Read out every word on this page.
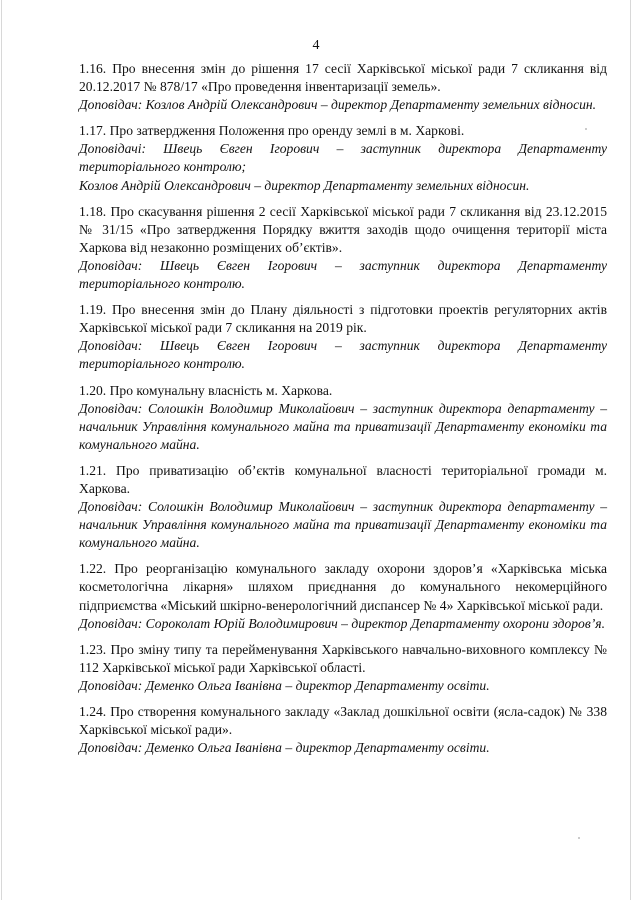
4
1.16. Про внесення змін до рішення 17 сесії Харківської міської ради 7 скликання від 20.12.2017 № 878/17 «Про проведення інвентаризації земель».
Доповідач: Козлов Андрій Олександрович – директор Департаменту земельних відносин.
1.17. Про затвердження Положення про оренду землі в м. Харкові.
Доповідачі: Швець Євген Ігорович – заступник директора Департаменту територіального контролю;
Козлов Андрій Олександрович – директор Департаменту земельних відносин.
1.18. Про скасування рішення 2 сесії Харківської міської ради 7 скликання від 23.12.2015 № 31/15 «Про затвердження Порядку вжиття заходів щодо очищення території міста Харкова від незаконно розміщених об’єктів».
Доповідач: Швець Євген Ігорович – заступник директора Департаменту територіального контролю.
1.19. Про внесення змін до Плану діяльності з підготовки проектів регуляторних актів Харківської міської ради 7 скликання на 2019 рік.
Доповідач: Швець Євген Ігорович – заступник директора Департаменту територіального контролю.
1.20. Про комунальну власність м. Харкова.
Доповідач: Солошкін Володимир Миколайович – заступник директора департаменту – начальник Управління комунального майна та приватизації Департаменту економіки та комунального майна.
1.21. Про приватизацію об’єктів комунальної власності територіальної громади м. Харкова.
Доповідач: Солошкін Володимир Миколайович – заступник директора департаменту – начальник Управління комунального майна та приватизації Департаменту економіки та комунального майна.
1.22. Про реорганізацію комунального закладу охорони здоров’я «Харківська міська косметологічна лікарня» шляхом приєднання до комунального некомерційного підприємства «Міський шкірно-венерологічний диспансер № 4» Харківської міської ради.
Доповідач: Сороколат Юрій Володимирович – директор Департаменту охорони здоров’я.
1.23. Про зміну типу та перейменування Харківського навчально-виховного комплексу № 112 Харківської міської ради Харківської області.
Доповідач: Деменко Ольга Іванівна – директор Департаменту освіти.
1.24. Про створення комунального закладу «Заклад дошкільної освіти (ясла-садок) № 338 Харківської міської ради».
Доповідач: Деменко Ольга Іванівна – директор Департаменту освіти.
